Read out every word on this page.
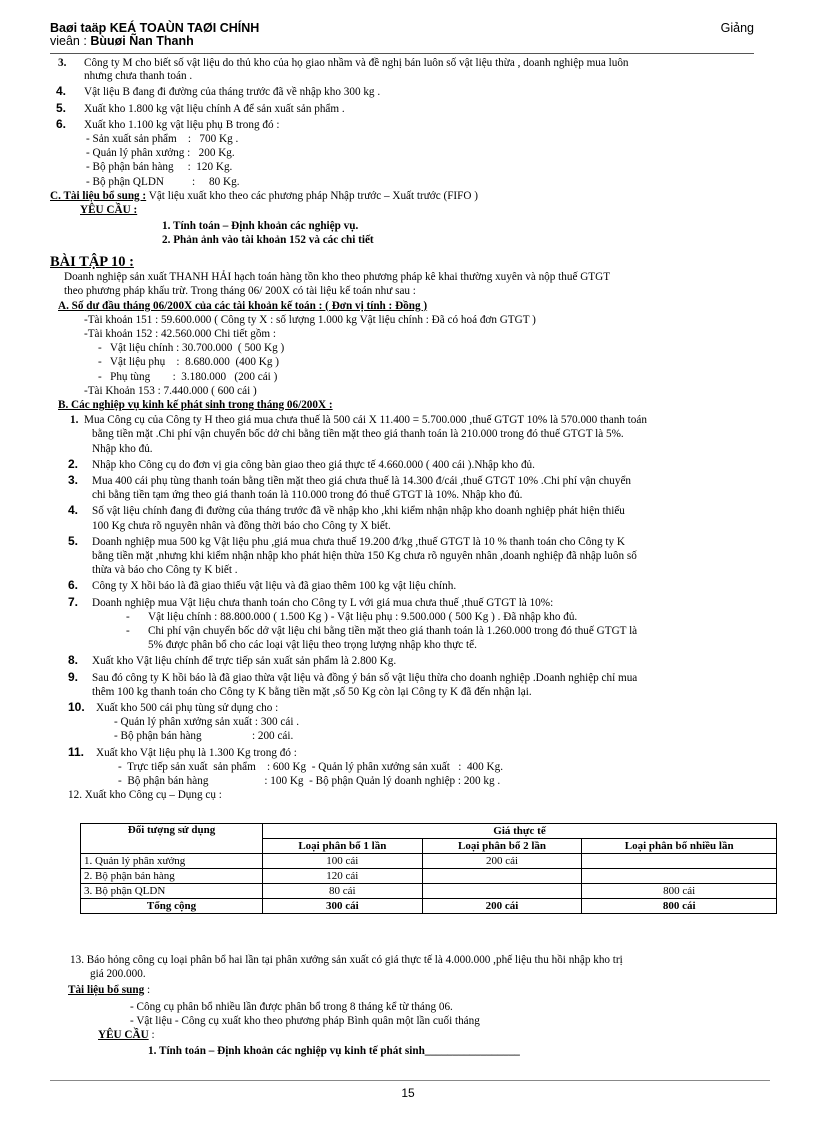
Baøi taäp KEÁ TOAÙN TAØI CHÍNH
vieân : Bùuøi Ñan Thanh
Giảng
3. Công ty M cho biết số vật liệu do thủ kho của họ giao nhầm và đề nghị bán luôn số vật liệu thừa , doanh nghiệp mua luôn
nhưng chưa thanh toán .
4. Vật liệu B đang đi đường của tháng trước đã về nhập kho 300 kg .
5. Xuất kho 1.800 kg vật liệu chính A để sản xuất sản phẩm .
6. Xuất kho 1.100 kg vật liệu phụ B trong đó :
- Sản xuất sản phẩm    :   700 Kg .
- Quản lý phân xưởng :   200 Kg.
- Bộ phận bán hàng     :  120 Kg.
- Bộ phận QLDN          :     80 Kg.
C. Tài liệu bổ sung : Vật liệu xuất kho theo các phương pháp Nhập trước – Xuất trước (FIFO )
YÊU CẦU :
1. Tính toán – Định khoản các nghiệp vụ.
2. Phản ảnh vào tài khoản 152 và các chi tiết
BÀI TẬP 10 :
Doanh nghiệp sản xuất THANH HẢI hạch toán hàng tồn kho theo phương pháp kê khai thường xuyên và nộp thuế GTGT
theo phương pháp khấu trừ. Trong tháng 06/ 200X có tài liệu kế toán như sau :
A. Số dư đầu tháng 06/200X của các tài khoản kế toán : ( Đơn vị tính : Đồng )
-Tài khoản 151 : 59.600.000 ( Công ty X : số lượng 1.000 kg Vật liệu chính : Đã có hoá đơn GTGT )
-Tài khoản 152 : 42.560.000 Chi tiết gồm :
-   Vật liệu chính : 30.700.000  ( 500 Kg )
-   Vật liệu phụ    :  8.680.000  (400 Kg )
-   Phụ tùng        :  3.180.000   (200 cái )
-Tài Khoản 153 : 7.440.000 ( 600 cái )
B. Các nghiệp vụ kinh kế phát sinh trong tháng 06/200X :
1. Mua Công cụ của Công ty H theo giá mua chưa thuế là 500 cái X 11.400 = 5.700.000 ,thuế GTGT 10% là 570.000 thanh toán
bằng tiền mặt .Chi phí vận chuyển bốc dở chi bằng tiền mặt theo giá thanh toán là 210.000 trong đó thuế GTGT là 5%.
Nhập kho đủ.
2. Nhập kho Công cụ do đơn vị gia công bàn giao theo giá thực tế 4.660.000 ( 400 cái ).Nhập kho đủ.
3. Mua 400 cái phụ tùng thanh toán bằng tiền mặt theo giá chưa thuế là 14.300 đ/cái ,thuế GTGT 10% .Chi phí vận chuyển
chi bằng tiền tạm ứng theo giá thanh toán là 110.000 trong đó thuế GTGT là 10%. Nhập kho đủ.
4. Số vật liệu chính đang đi đường của tháng trước đã về nhập kho ,khi kiểm nhận nhập kho doanh nghiệp phát hiện thiếu
100 Kg chưa rõ nguyên nhân và đồng thời báo cho Công ty X biết.
5. Doanh nghiệp mua 500 kg Vật liệu phu ,giá mua chưa thuế 19.200 đ/kg ,thuế GTGT là 10 % thanh toán cho Công ty K
bằng tiền mặt ,nhưng khi kiểm nhận nhập kho phát hiện thừa 150 Kg chưa rõ nguyên nhân ,doanh nghiệp đã nhập luôn số
thừa và báo cho Công ty K biết .
6. Công ty X hồi báo là đã giao thiếu vật liệu và đã giao thêm 100 kg vật liệu chính.
7. Doanh nghiệp mua Vật liệu chưa thanh toán cho Công ty L với giá mua chưa thuế ,thuế GTGT là 10%:
- Vật liệu chính : 88.800.000 ( 1.500 Kg ) - Vật liệu phụ : 9.500.000 ( 500 Kg ) . Đã nhập kho đủ.
- Chi phí vận chuyển bốc dở vật liệu chi bằng tiền mặt theo giá thanh toán là 1.260.000 trong đó thuế GTGT là
5% được phân bổ cho các loại vật liệu theo trọng lượng nhập kho thực tế.
8. Xuất kho Vật liệu chính để trực tiếp sản xuất sản phẩm là 2.800 Kg.
9. Sau đó công ty K hồi báo là đã giao thừa vật liệu và đồng ý bán số vật liệu thừa cho doanh nghiệp .Doanh nghiệp chỉ mua
thêm 100 kg thanh toán cho Công ty K bằng tiền mặt ,số 50 Kg còn lại Công ty K đã đến nhận lại.
10. Xuất kho 500 cái phụ tùng sử dụng cho :
- Quản lý phân xưởng sản xuất : 300 cái .
- Bộ phận bán hàng                  : 200 cái.
11. Xuất kho Vật liệu phụ là 1.300 Kg trong đó :
-  Trực tiếp sản xuất  sản phẩm    : 600 Kg  - Quản lý phân xưởng sản xuất   :  400 Kg.
-  Bộ phận bán hàng                    : 100 Kg  - Bộ phận Quản lý doanh nghiệp : 200 kg .
12. Xuất kho Công cụ – Dụng cụ :
Đối tượng sử dụng	Giá thực tế		
	Loại phân bổ 1 lần	Loại phân bổ 2 lần	Loại phân bổ nhiều lần
1. Quản lý phân xưởng	100 cái	200 cái	
2. Bộ phận bán hàng	120 cái		
3. Bộ phận QLDN	80 cái		800 cái
Tổng cộng	300 cái	200 cái	800 cái
13. Báo hỏng công cụ loại phân bổ hai lần tại phân xưởng sản xuất có giá thực tế là 4.000.000 ,phế liệu thu hồi nhập kho trị
giá 200.000.
Tài liệu bổ sung :
- Công cụ phân bổ nhiều lần được phân bổ trong 8 tháng kể từ tháng 06.
- Vật liệu - Công cụ xuất kho theo phương pháp Bình quân một lần cuối tháng
YÊU CẦU :
1. Tính toán – Định khoản các nghiệp vụ kinh tế phát sinh_________________
15
